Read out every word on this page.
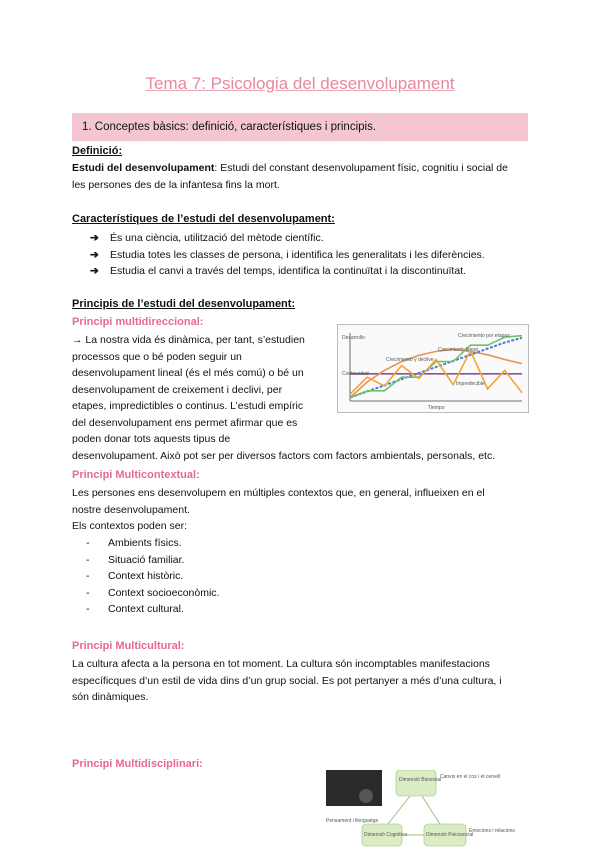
Tema 7: Psicologia del desenvolupament
1. Conceptes bàsics: definició, característiques i principis.
Definició:
Estudi del desenvolupament: Estudi del constant desenvolupament físic, cognitiu i social de
les persones des de la infantesa fins la mort.
Característiques de l’estudi del desenvolupament:
➔ És una ciència, utilització del mètode científic.
➔ Estudia totes les classes de persona, i identifica les generalitats i les diferències.
➔ Estudia el canvi a través del temps, identifica la continuïtat i la discontinuïtat.
Principis de l’estudi del desenvolupament:
Principi multidireccional:
→ La nostra vida és dinàmica, per tant, s’estudien
processos que o bé poden seguir un
desenvolupament lineal (és el més comú) o bé un
desenvolupament de creixement i declivi, per
etapes, impredictibles o continus. L’estudi empíric
del desenvolupament ens permet afirmar que es
poden donar tots aquests tipus de
desenvolupament. Això pot ser per diversos factors com factors ambientals, personals, etc.
Desarrollo
Tiempo
Crecimiento por etapas
Crecimiento lineal
Crecimiento y declive
Continuidad
Impredecible
Principi Multicontextual:
Les persones ens desenvolupem en múltiples contextos que, en general, influeixen en el
nostre desenvolupament.
Els contextos poden ser:
- Ambients físics.
- Situació familiar.
- Context històric.
- Context socioeconòmic.
- Context cultural.
Principi Multicultural:
La cultura afecta a la persona en tot moment. La cultura són incomptables manifestacions
específicques d’un estil de vida dins d’un grup social. Es pot pertanyer a més d’una cultura, i
són dinàmiques.
Principi Multidisciplinari:
Dimensió Biosocial
Dimensió Cognitiva	Dimensió Psicosocial
Canvis en el cos i el cervell
Pensament i llenguatge
Emocions i relacions
